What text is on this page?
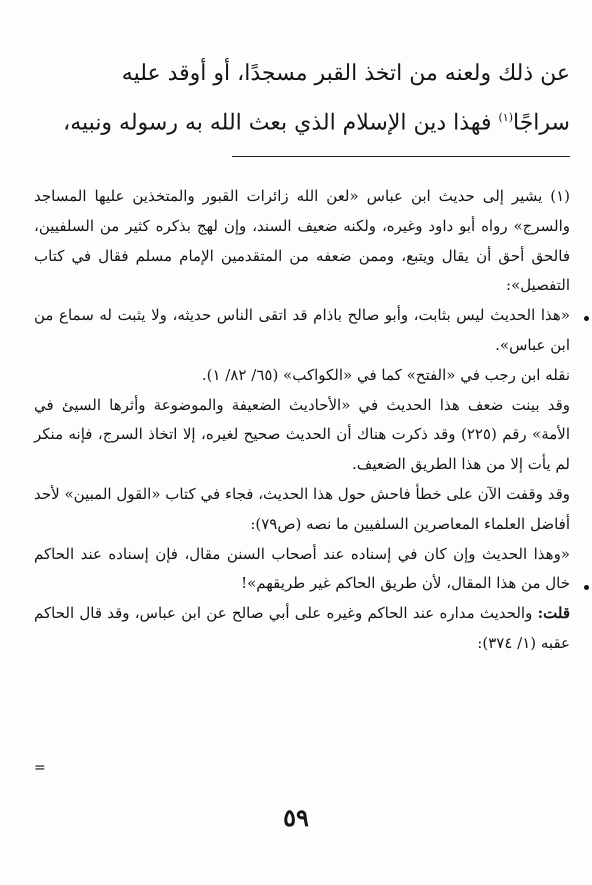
عن ذلك ولعنه من اتخذ القبر مسجدًا، أو أوقد عليه

سراجًا$^{(١)}$ فهذا دين الإسلام الذي بعث الله به رسوله ونبيه،

(١) يشير إلى حديث ابن عباس «لعن الله زائرات القبور والمتخذين عليها المساجد والسرج» رواه أبو داود وغيره، ولكنه ضعيف السند، وإن لهج بذكره كثير من السلفيين، فالحق أحق أن يقال ويتبع، وممن ضعفه من المتقدمين الإمام مسلم فقال في كتاب التفصيل»:

«هذا الحديث ليس بثابت، وأبو صالح باذام قد اتقى الناس حديثه، ولا يثبت له سماع من ابن عباس».

نقله ابن رجب في «الفتح» كما في «الكواكب» (٦٥/ ٨٢/ ١).

وقد بينت ضعف هذا الحديث في «الأحاديث الضعيفة والموضوعة وأثرها السيئ في الأمة» رقم (٢٢٥) وقد ذكرت هناك أن الحديث صحيح لغيره، إلا اتخاذ السرج، فإنه منكر لم يأت إلا من هذا الطريق الضعيف.

وقد وقفت الآن على خطأ فاحش حول هذا الحديث، فجاء في كتاب «القول المبين» لأحد أفاضل العلماء المعاصرين السلفيين ما نصه (ص٧٩):

«وهذا الحديث وإن كان في إسناده عند أصحاب السنن مقال، فإن إسناده عند الحاكم خال من هذا المقال، لأن طريق الحاكم غير طريقهم»!

قلت: والحديث مداره عند الحاكم وغيره على أبي صالح عن ابن عباس، وقد قال الحاكم عقبه (١/ ٣٧٤):

=
٥٩
